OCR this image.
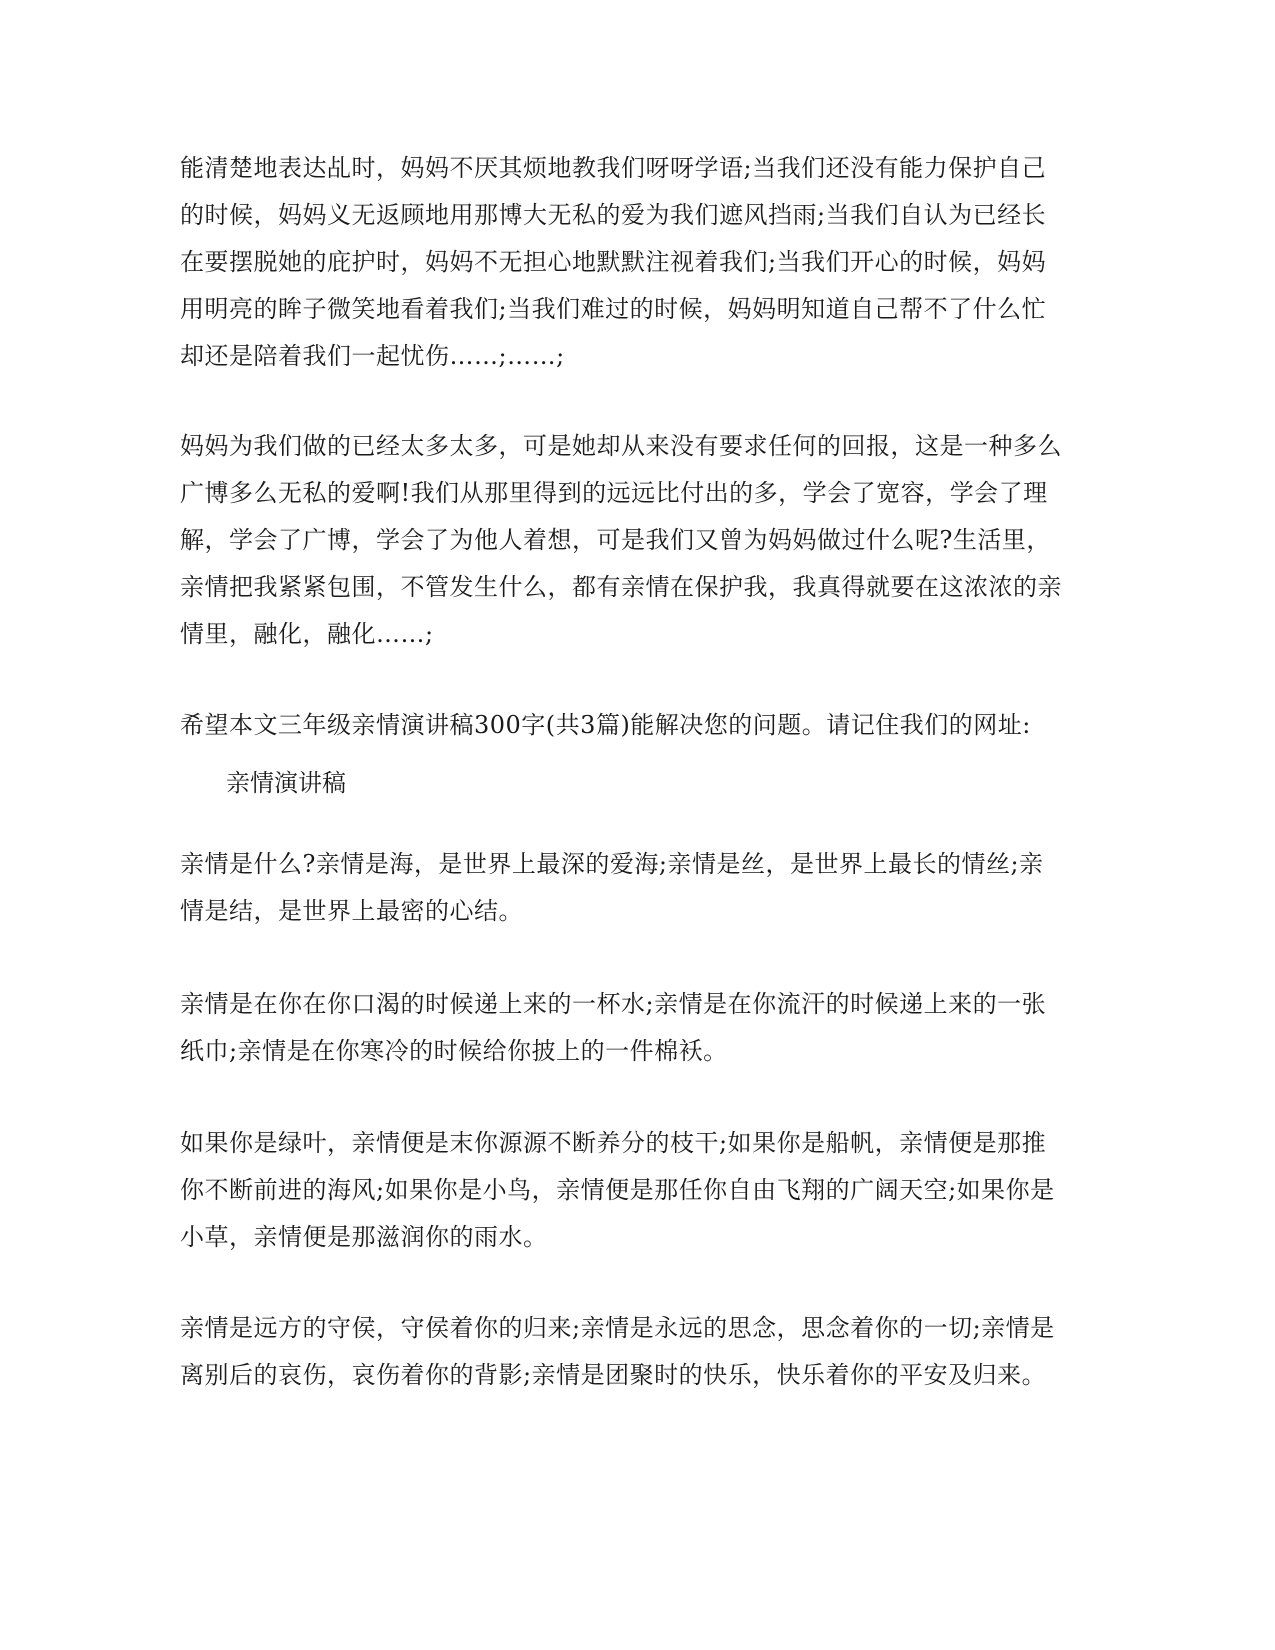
能清楚地表达乩时，妈妈不厌其烦地教我们呀呀学语;当我们还没有能力保护自己
的时候，妈妈义无返顾地用那博大无私的爱为我们遮风挡雨;当我们自认为已经长
在要摆脱她的庇护时，妈妈不无担心地默默注视着我们;当我们开心的时候，妈妈
用明亮的眸子微笑地看着我们;当我们难过的时候，妈妈明知道自己帮不了什么忙
却还是陪着我们一起忧伤……;……;
妈妈为我们做的已经太多太多，可是她却从来没有要求任何的回报，这是一种多么
广博多么无私的爱啊!我们从那里得到的远远比付出的多，学会了宽容，学会了理
解，学会了广博，学会了为他人着想，可是我们又曾为妈妈做过什么呢?生活里，
亲情把我紧紧包围，不管发生什么，都有亲情在保护我，我真得就要在这浓浓的亲
情里，融化，融化……;
希望本文三年级亲情演讲稿300字(共3篇)能解决您的问题。请记住我们的网址:
亲情演讲稿
亲情是什么?亲情是海，是世界上最深的爱海;亲情是丝，是世界上最长的情丝;亲
情是结，是世界上最密的心结。
亲情是在你在你口渴的时候递上来的一杯水;亲情是在你流汗的时候递上来的一张
纸巾;亲情是在你寒冷的时候给你披上的一件棉袄。
如果你是绿叶，亲情便是末你源源不断养分的枝干;如果你是船帆，亲情便是那推
你不断前进的海风;如果你是小鸟，亲情便是那任你自由飞翔的广阔天空;如果你是
小草，亲情便是那滋润你的雨水。
亲情是远方的守侯，守侯着你的归来;亲情是永远的思念，思念着你的一切;亲情是
离别后的哀伤，哀伤着你的背影;亲情是团聚时的快乐，快乐着你的平安及归来。
